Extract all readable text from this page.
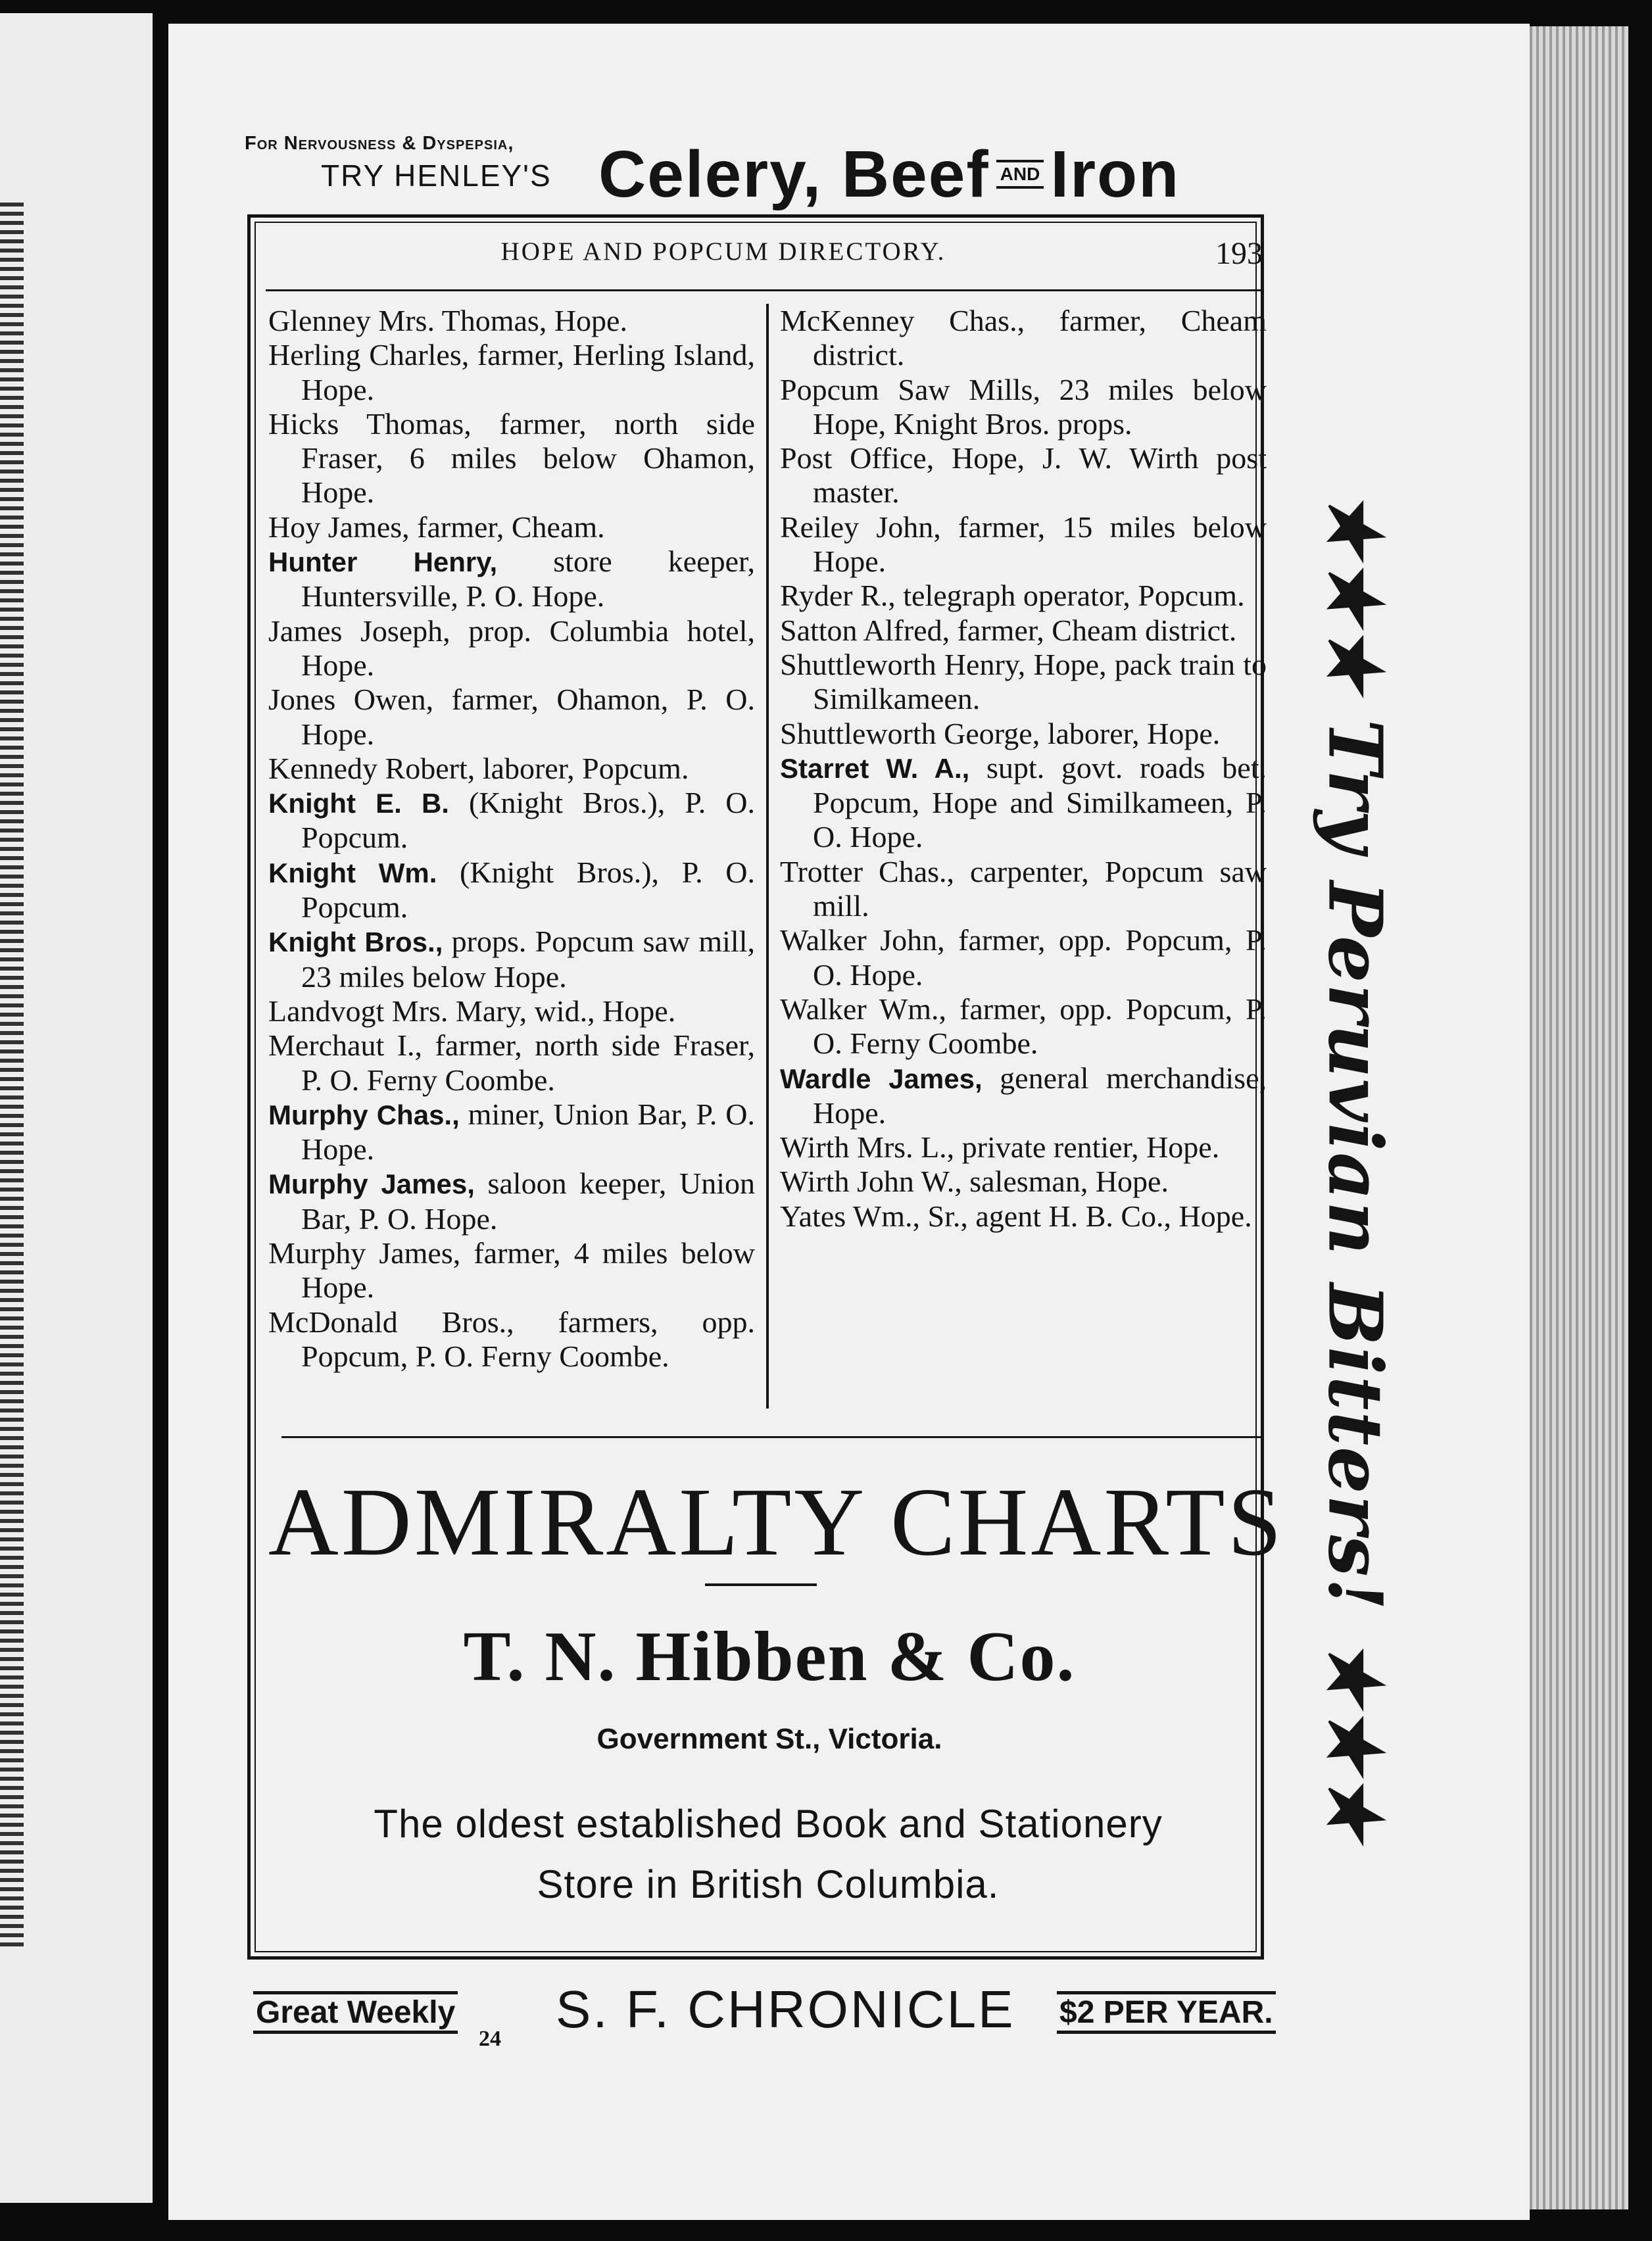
For Nervousness & Dyspepsia,
TRY HENLEY'S Celery, Beef AND Iron
HOPE AND POPCUM DIRECTORY.	193
Glenney Mrs. Thomas, Hope.
Herling Charles, farmer, Herling Island, Hope.
Hicks Thomas, farmer, north side Fraser, 6 miles below Ohamon, Hope.
Hoy James, farmer, Cheam.
Hunter Henry, store keeper, Huntersville, P. O. Hope.
James Joseph, prop. Columbia hotel, Hope.
Jones Owen, farmer, Ohamon, P. O. Hope.
Kennedy Robert, laborer, Popcum.
Knight E. B. (Knight Bros.), P. O. Popcum.
Knight Wm. (Knight Bros.), P. O. Popcum.
Knight Bros., props. Popcum saw mill, 23 miles below Hope.
Landvogt Mrs. Mary, wid., Hope.
Merchaut I., farmer, north side Fraser, P. O. Ferny Coombe.
Murphy Chas., miner, Union Bar, P. O. Hope.
Murphy James, saloon keeper, Union Bar, P. O. Hope.
Murphy James, farmer, 4 miles below Hope.
McDonald Bros., farmers, opp. Popcum, P. O. Ferny Coombe.
McKenney Chas., farmer, Cheam district.
Popcum Saw Mills, 23 miles below Hope, Knight Bros. props.
Post Office, Hope, J. W. Wirth post master.
Reiley John, farmer, 15 miles below Hope.
Ryder R., telegraph operator, Popcum.
Satton Alfred, farmer, Cheam district.
Shuttleworth Henry, Hope, pack train to Similkameen.
Shuttleworth George, laborer, Hope.
Starret W. A., supt. govt. roads bet. Popcum, Hope and Similkameen, P. O. Hope.
Trotter Chas., carpenter, Popcum saw mill.
Walker John, farmer, opp. Popcum, P. O. Hope.
Walker Wm., farmer, opp. Popcum, P. O. Ferny Coombe.
Wardle James, general merchandise, Hope.
Wirth Mrs. L., private rentier, Hope.
Wirth John W., salesman, Hope.
Yates Wm., Sr., agent H. B. Co., Hope.
ADMIRALTY CHARTS
T. N. Hibben & Co.
Government St., Victoria.
The oldest established Book and Stationery
Store in British Columbia.
Great Weekly S. F. CHRONICLE $2 PER YEAR.
24
★★★ Try Peruvian Bitters! ★★★
